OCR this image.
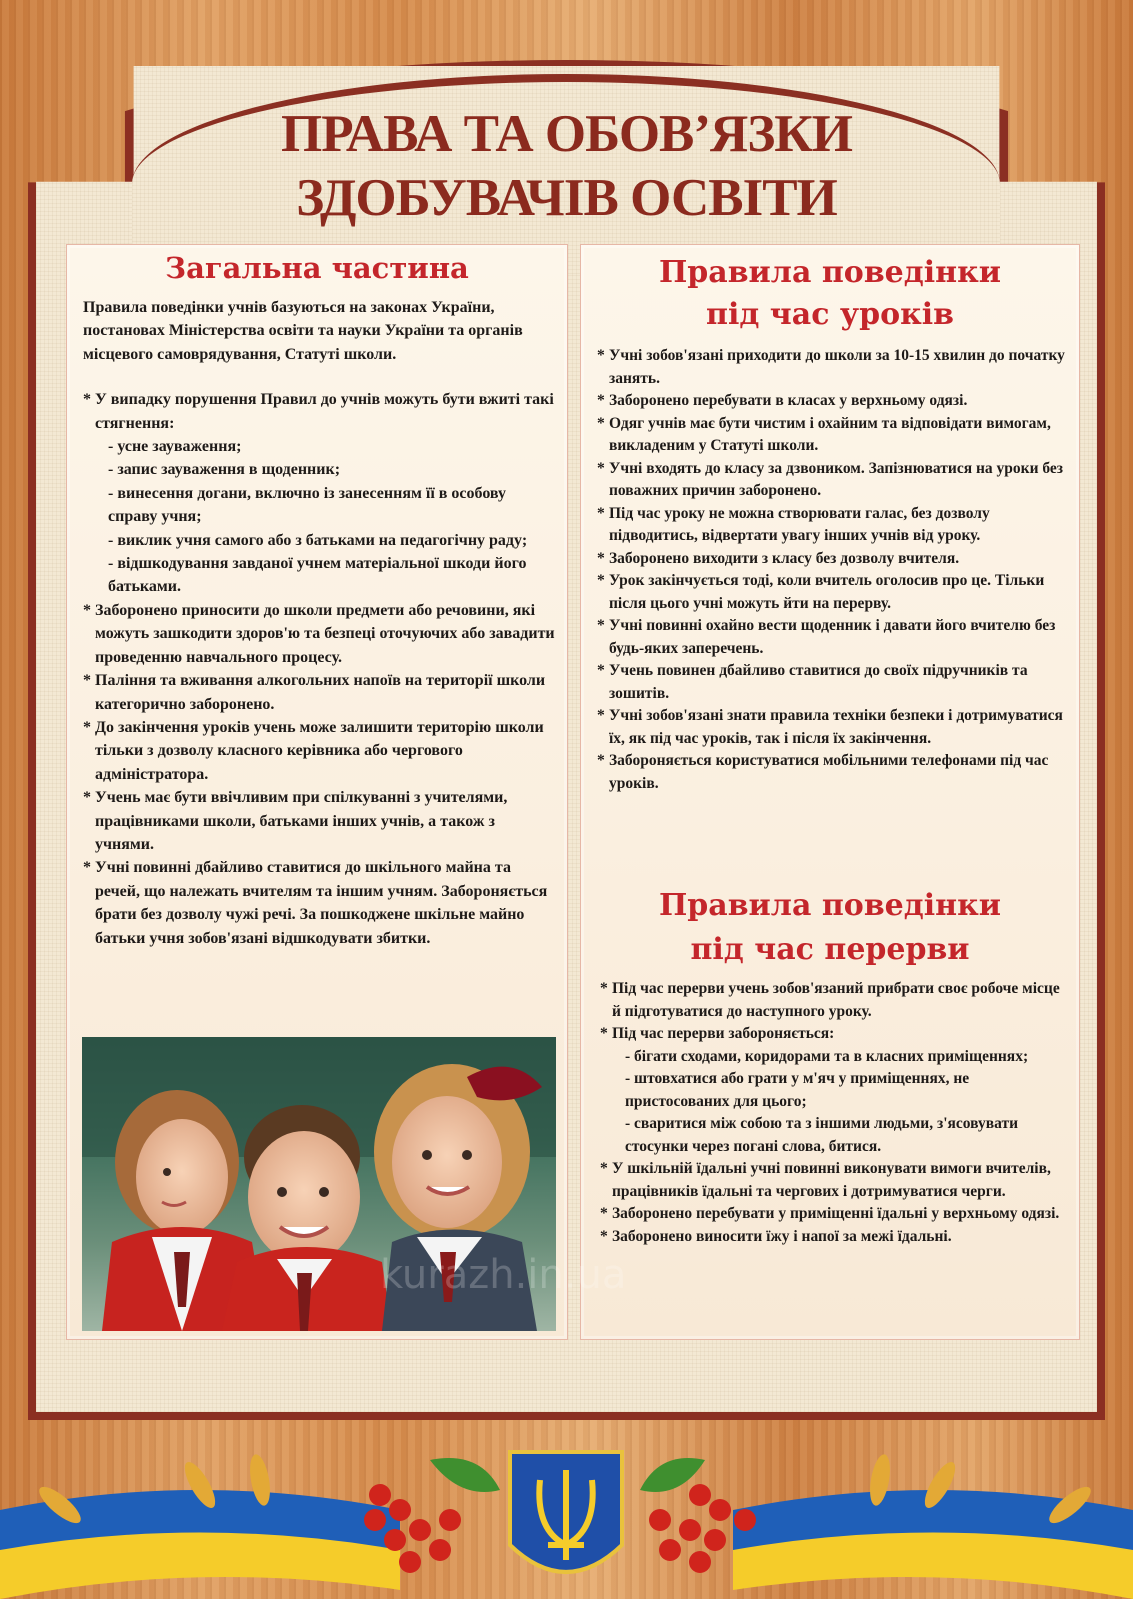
ПРАВА ТА ОБОВ’ЯЗКИ
ЗДОБУВАЧІВ ОСВІТИ
Загальна частина

Правила поведінки учнів базуються на законах України, постановах Міністерства освіти та науки України та органів місцевого самоврядування, Статуті школи.

*
У випадку порушення Правил до учнів можуть бути вжиті такі стягнення:
- усне зауваження;
- запис зауваження в щоденник;
- винесення догани, включно із занесенням її в особову справу учня;
- виклик учня самого або з батьками на педагогічну раду;
- відшкодування завданої учнем матеріальної шкоди його батьками.
*
Заборонено приносити до школи предмети або речовини, які можуть зашкодити здоров'ю та безпеці оточуючих або завадити проведенню навчального процесу.
*
Паління та вживання алкогольних напоїв на території школи категорично заборонено.
*
До закінчення уроків учень може залишити територію школи тільки з дозволу класного керівника або чергового адміністратора.
*
Учень має бути ввічливим при спілкуванні з учителями, працівниками школи, батьками інших учнів, а також з учнями.
*
Учні повинні дбайливо ставитися до шкільного майна та речей, що належать вчителям та іншим учням. Забороняється брати без дозволу чужі речі. За пошкоджене шкільне майно батьки учня зобов'язані відшкодувати збитки.
Правила поведінки
під час уроків
*
Учні зобов'язані приходити до школи за 10-15 хвилин до початку занять.
*
Заборонено перебувати в класах у верхньому одязі.
*
Одяг учнів має бути чистим і охайним та відповідати вимогам, викладеним у Статуті школи.
*
Учні входять до класу за дзвоником. Запізнюватися на уроки без поважних причин заборонено.
*
Під час уроку не можна створювати галас, без дозволу підводитись, відвертати увагу інших учнів від уроку.
*
Заборонено виходити з класу без дозволу вчителя.
*
Урок закінчується тоді, коли вчитель оголосив про це. Тільки після цього учні можуть йти на перерву.
*
Учні повинні охайно вести щоденник і давати його вчителю без будь-яких заперечень.
*
Учень повинен дбайливо ставитися до своїх підручників та зошитів.
*
Учні зобов'язані знати правила техніки безпеки і дотримуватися їх, як під час уроків, так і після їх закінчення.
*
Забороняється користуватися мобільними телефонами під час уроків.
Правила поведінки
під час перерви
*
Під час перерви учень зобов'язаний прибрати своє робоче місце й підготуватися до наступного уроку.
*
Під час перерви забороняється:
- бігати сходами, коридорами та в класних приміщеннях;
- штовхатися або грати у м'яч у приміщеннях, не пристосованих для цього;
- сваритися між собою та з іншими людьми, з'ясовувати стосунки через погані слова, битися.
*
У шкільній їдальні учні повинні виконувати вимоги вчителів, працівників їдальні та чергових і дотримуватися черги.
*
Заборонено перебувати у приміщенні їдальні у верхньому одязі.
*
Заборонено виносити їжу і напої за межі їдальні.
kurazh.in.ua
